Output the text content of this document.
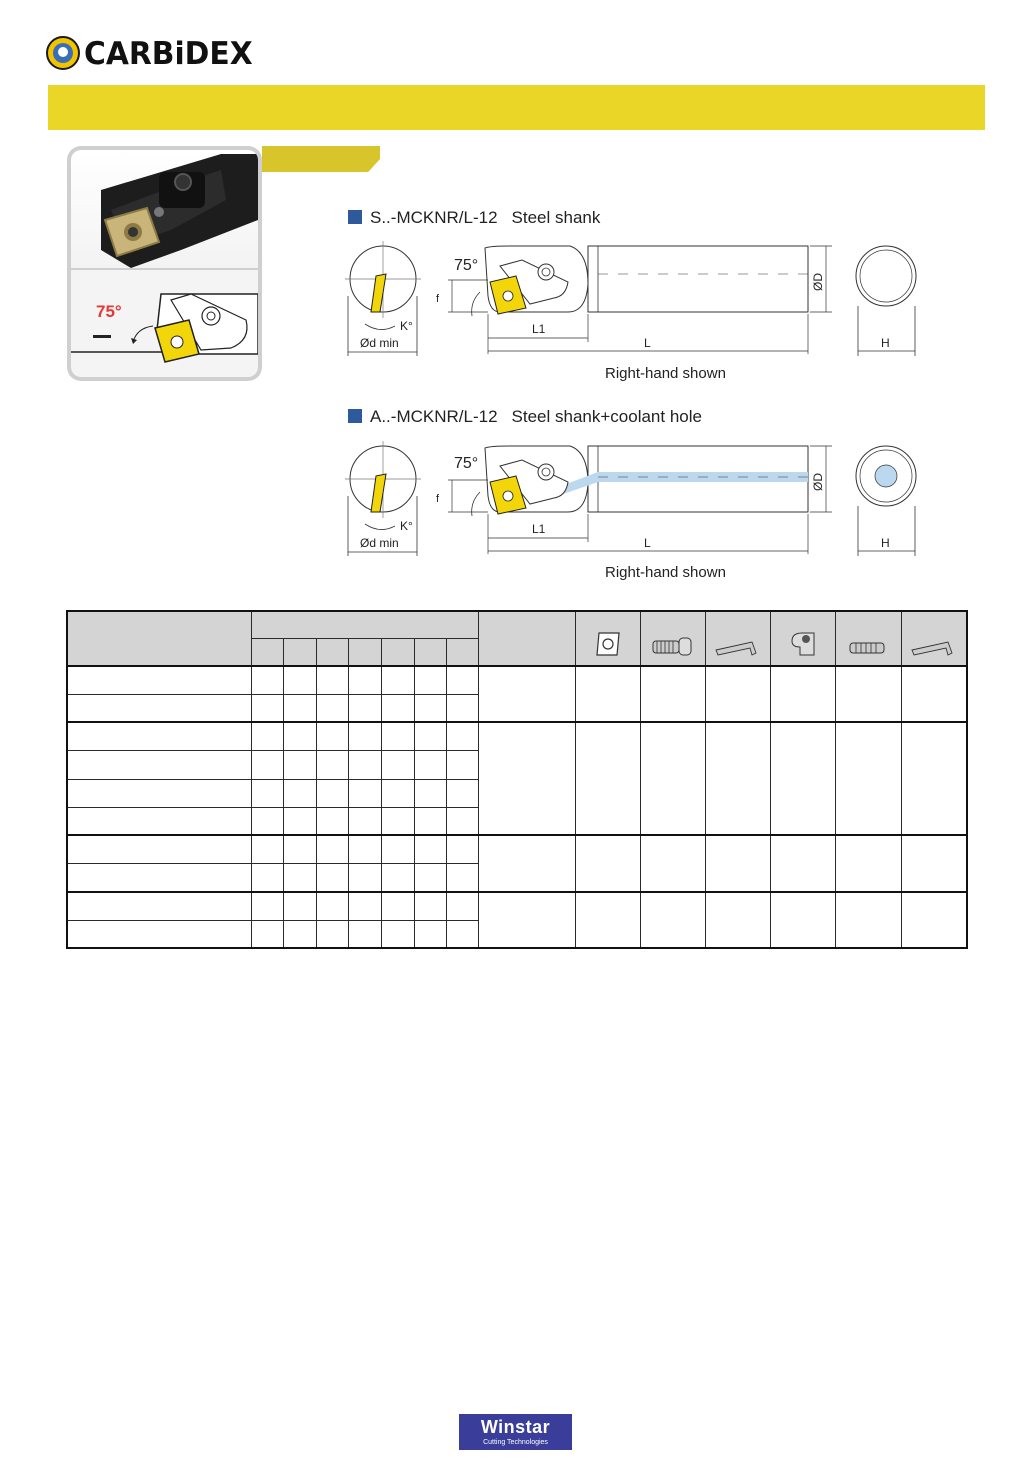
CARBiDEX
75°
S..-MCKNR/L-12 Steel shank
K°
Ød min
75°
f
L1
L
ØD
H
Right-hand shown
A..-MCKNR/L-12 Steel shank+coolant hole
K°
Ød min
75°
f
L1
L
ØD
H
Right-hand shown

Winstar
Cutting Technologies
